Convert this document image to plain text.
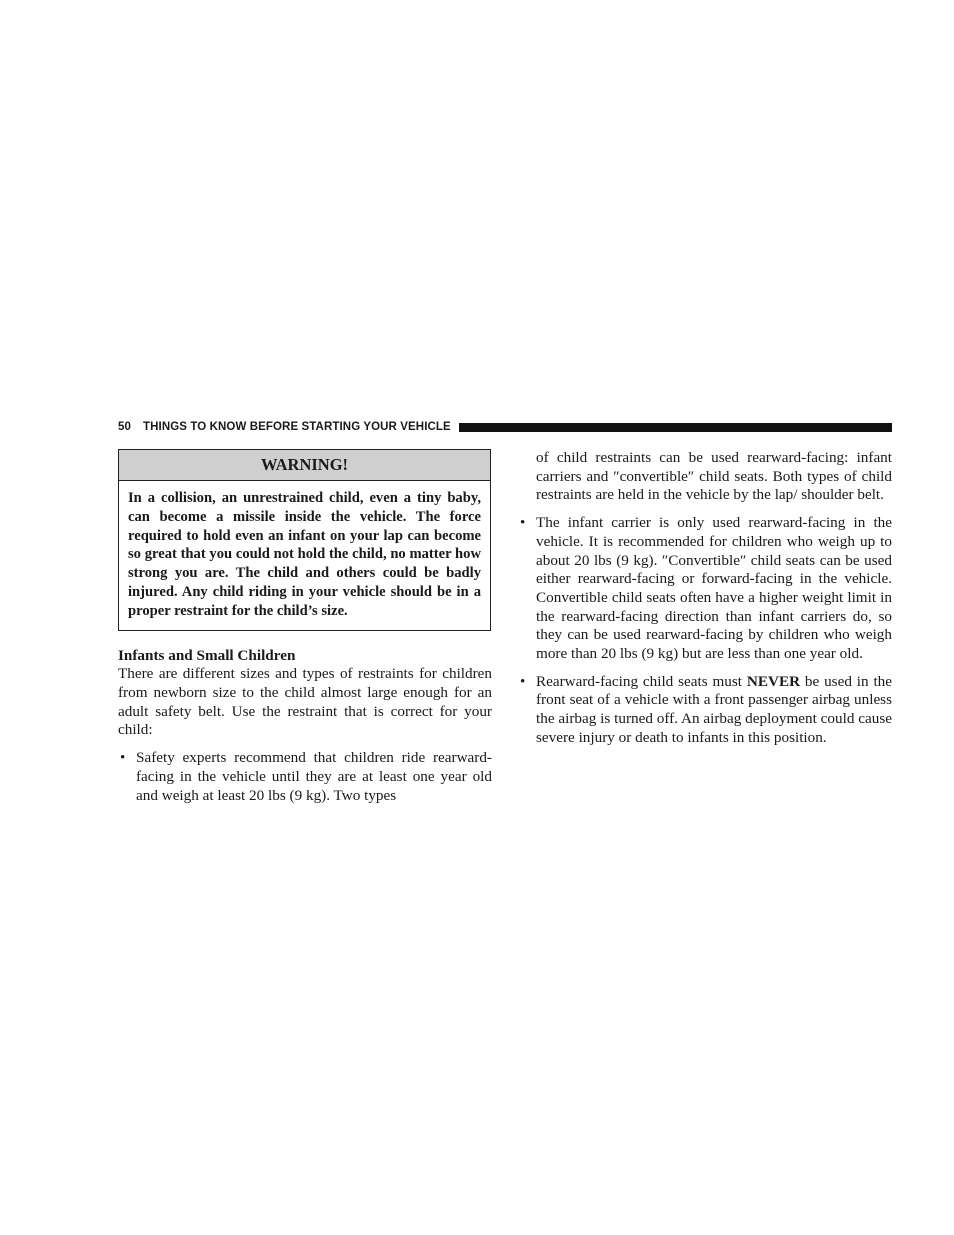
50 THINGS TO KNOW BEFORE STARTING YOUR VEHICLE
WARNING!
In a collision, an unrestrained child, even a tiny baby, can become a missile inside the vehicle. The force required to hold even an infant on your lap can become so great that you could not hold the child, no matter how strong you are. The child and others could be badly injured. Any child riding in your vehicle should be in a proper restraint for the child’s size.
Infants and Small Children

There are different sizes and types of restraints for children from newborn size to the child almost large enough for an adult safety belt. Use the restraint that is correct for your child:

• Safety experts recommend that children ride rearward-facing in the vehicle until they are at least one year old and weigh at least 20 lbs (9 kg). Two types
of child restraints can be used rearward-facing: infant carriers and ″convertible″ child seats. Both types of child restraints are held in the vehicle by the lap/ shoulder belt.
• The infant carrier is only used rearward-facing in the vehicle. It is recommended for children who weigh up to about 20 lbs (9 kg). ″Convertible″ child seats can be used either rearward-facing or forward-facing in the vehicle. Convertible child seats often have a higher weight limit in the rearward-facing direction than infant carriers do, so they can be used rearward-facing by children who weigh more than 20 lbs (9 kg) but are less than one year old.
• Rearward-facing child seats must NEVER be used in the front seat of a vehicle with a front passenger airbag unless the airbag is turned off. An airbag deployment could cause severe injury or death to infants in this position.
